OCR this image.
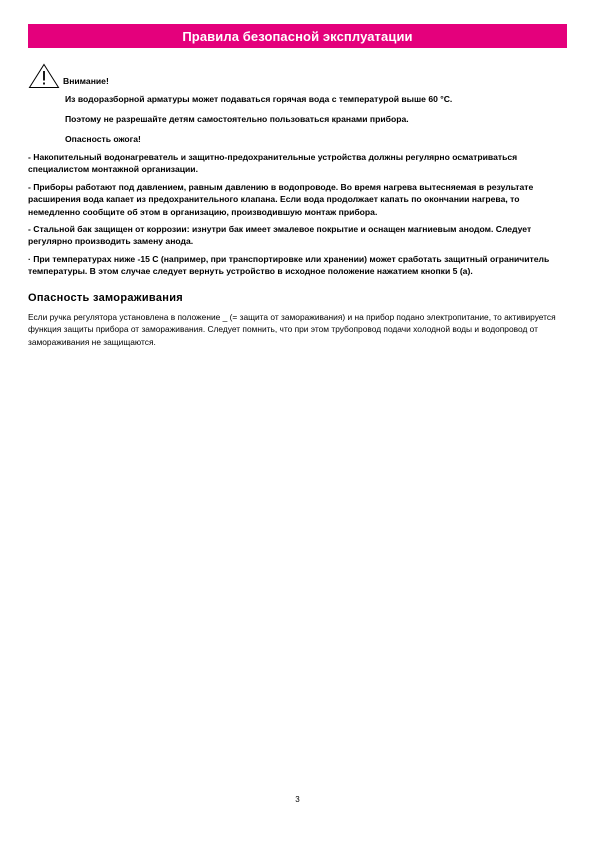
Правила безопасной эксплуатации
Внимание!
Из водоразборной арматуры может подаваться горячая вода с температурой выше 60 °С.
Поэтому не разрешайте детям самостоятельно пользоваться кранами прибора.
Опасность ожога!

- Накопительный водонагреватель и защитно-предохранительные устройства должны регулярно осматриваться специалистом монтажной организации.

- Приборы работают под давлением, равным давлению в водопроводе. Во время нагрева вытесняемая в результате расширения вода капает из предохранительного клапана. Если вода продолжает капать по окончании нагрева, то немедленно сообщите об этом в организацию, производившую монтаж прибора.

- Стальной бак защищен от коррозии: изнутри бак имеет эмалевое покрытие и оснащен магниевым анодом. Следует регулярно производить замену анода.

· При температурах ниже -15 С (например, при транспортировке или хранении) может сработать защитный ограничитель температуры. В этом случае следует вернуть устройство в исходное положение нажатием кнопки 5 (a).

Опасность замораживания
Если ручка регулятора установлена в положение _ (= защита от замораживания) и на прибор подано электропитание, то активируется функция защиты прибора от замораживания. Следует помнить, что при этом трубопровод подачи холодной воды и водопровод от замораживания не защищаются.
3
